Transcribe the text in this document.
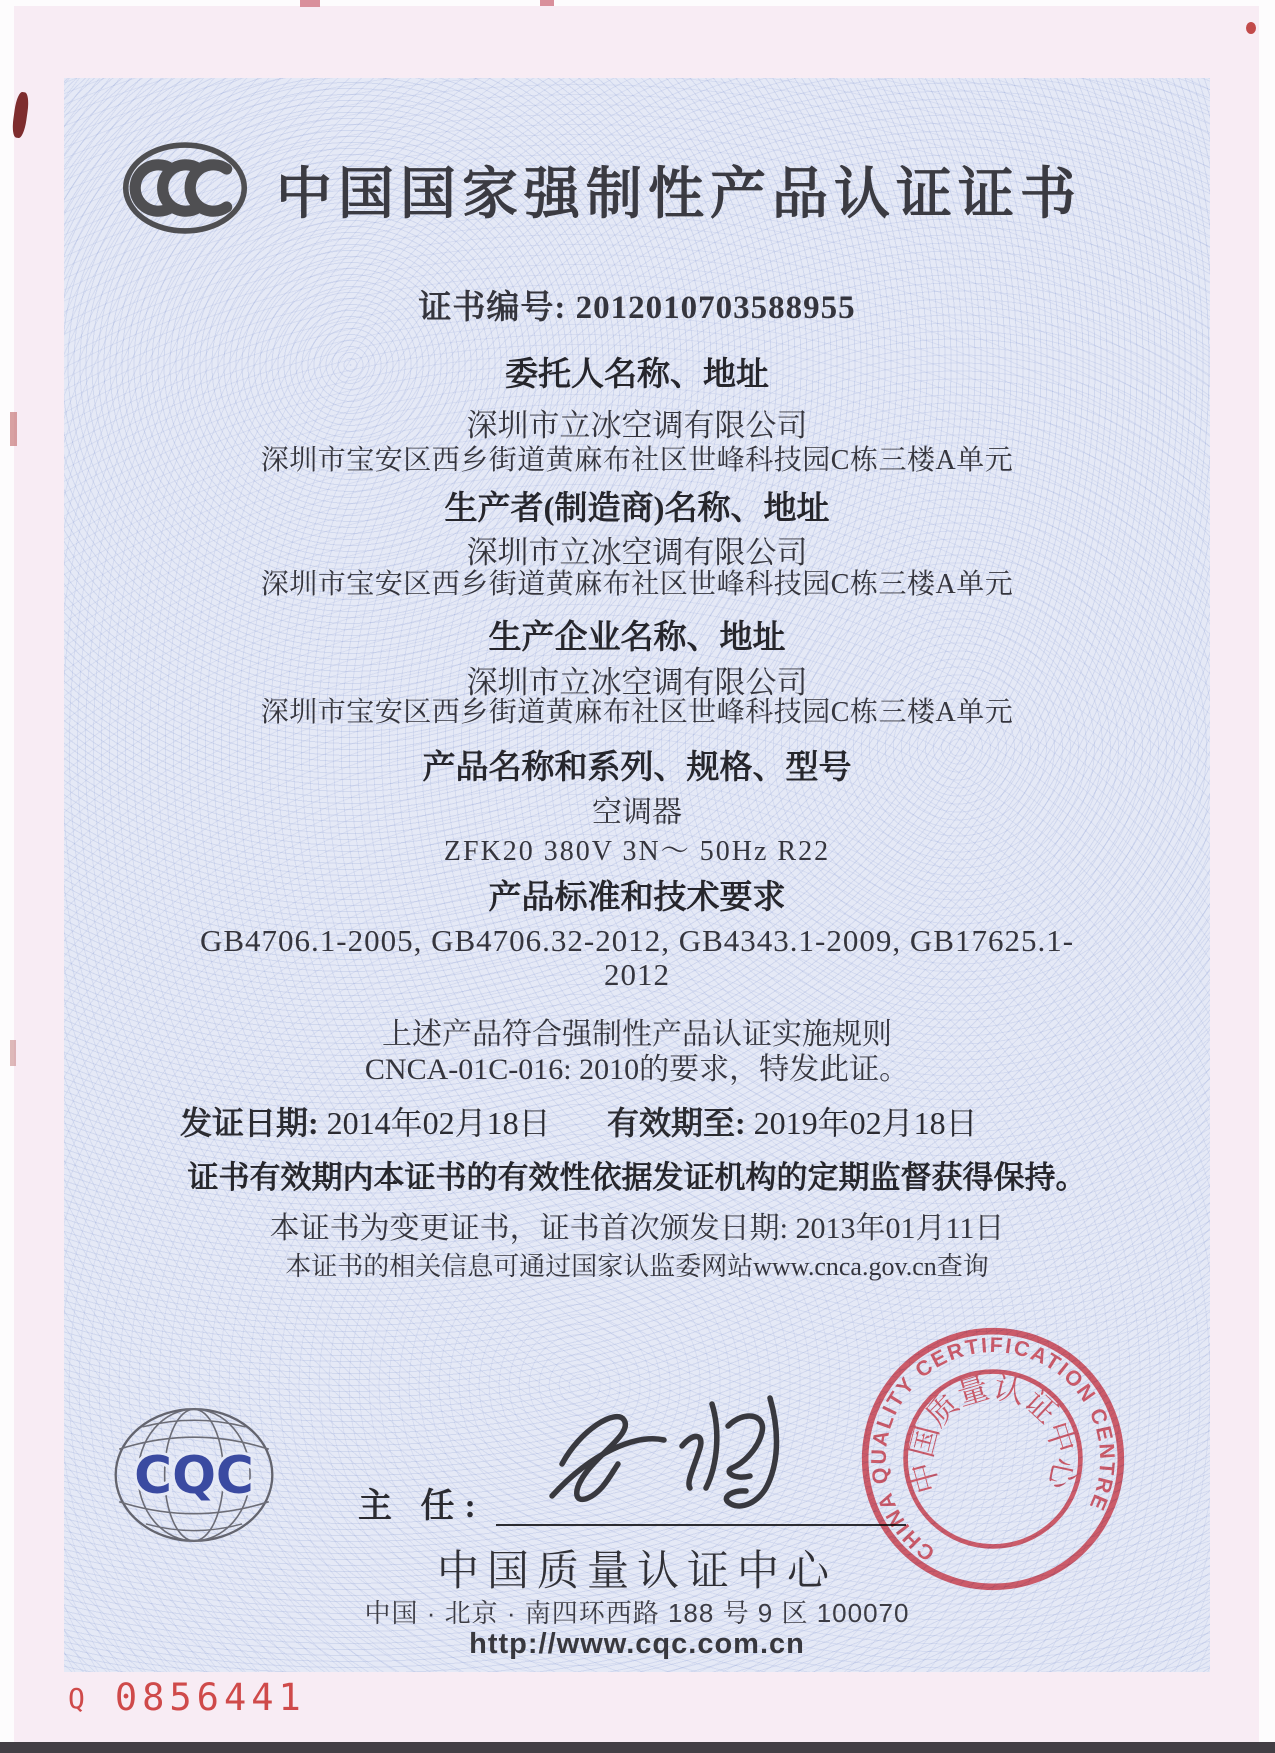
中国国家强制性产品认证证书
证书编号: 2012010703588955
委托人名称、地址
深圳市立冰空调有限公司
深圳市宝安区西乡街道黄麻布社区世峰科技园C栋三楼A单元
生产者(制造商)名称、地址
深圳市立冰空调有限公司
深圳市宝安区西乡街道黄麻布社区世峰科技园C栋三楼A单元
生产企业名称、地址
深圳市立冰空调有限公司
深圳市宝安区西乡街道黄麻布社区世峰科技园C栋三楼A单元
产品名称和系列、规格、型号
空调器
ZFK20 380V 3N～ 50Hz R22
产品标准和技术要求
GB4706.1-2005, GB4706.32-2012, GB4343.1-2009, GB17625.1-
2012
上述产品符合强制性产品认证实施规则
CNCA-01C-016: 2010的要求，特发此证。
发证日期: 2014年02月18日 有效期至: 2019年02月18日
证书有效期内本证书的有效性依据发证机构的定期监督获得保持。
本证书为变更证书，证书首次颁发日期: 2013年01月11日
本证书的相关信息可通过国家认监委网站www.cnca.gov.cn查询
CQC
主 任:
中国质量认证中心
中国 · 北京 · 南四环西路 188 号 9 区 100070
http://www.cqc.com.cn
CHINA QUALITY CERTIFICATION CENTRE
中国质量认证中心
Q 0856441
